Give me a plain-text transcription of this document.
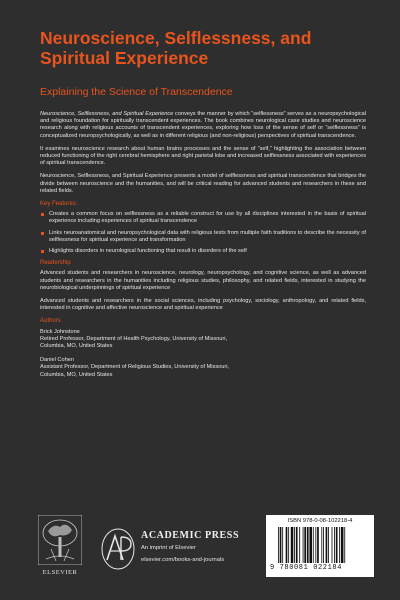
Neuroscience, Selflessness, and Spiritual Experience
Explaining the Science of Transcendence

Neuroscience, Selflessness, and Spiritual Experience conveys the manner by which “selflessness” serves as a neuropsychological and religious foundation for spiritually transcendent experiences. The book combines neurological case studies and neuroscience research along with religious accounts of transcendent experiences, exploring how loss of the sense of self or “selflessness” is conceptualized neuropsychologically, as well as in different religious (and non-religious) perspectives of spiritual transcendence.

It examines neuroscience research about human brains processes and the sense of “self,” highlighting the association between reduced functioning of the right cerebral hemisphere and right parietal lobe and increased selflessness associated with experiences of spiritual transcendence.

Neuroscience, Selflessness, and Spiritual Experience presents a model of selflessness and spiritual transcendence that bridges the divide between neuroscience and the humanities, and will be critical reading for advanced students and researchers in these and related fields.

Key Features:
Creates a common focus on selflessness as a reliable construct for use by all disciplines interested in the basis of spiritual experience including experiences of spiritual transcendence
Links neuroanatomical and neuropsychological data with religious texts from multiple faith traditions to describe the necessity of selflessness for spiritual experience and transformation
Highlights disorders in neurological functioning that result in disorders of the self
Readership

Advanced students and researchers in neuroscience, neurology, neuropsychology, and cognitive science, as well as advanced students and researchers in the humanities including religious studies, philosophy, and related fields, interested in studying the neurobiological underpinnings of spiritual experience

Advanced students and researchers in the social sciences, including psychology, sociology, anthropology, and related fields, interested in cognitive and affective neuroscience and spiritual experience

Authors
Brick Johnstone
Retired Professor, Department of Health Psychology, University of Missouri,
Columbia, MO, United States
Daniel Cohen
Assistant Professor, Department of Religious Studies, University of Missouri,
Columbia, MO, United States
ELSEVIER
ACADEMIC PRESS
An imprint of Elsevier
elsevier.com/books-and-journals
ISBN 978-0-08-102218-4
9 780081 022184
